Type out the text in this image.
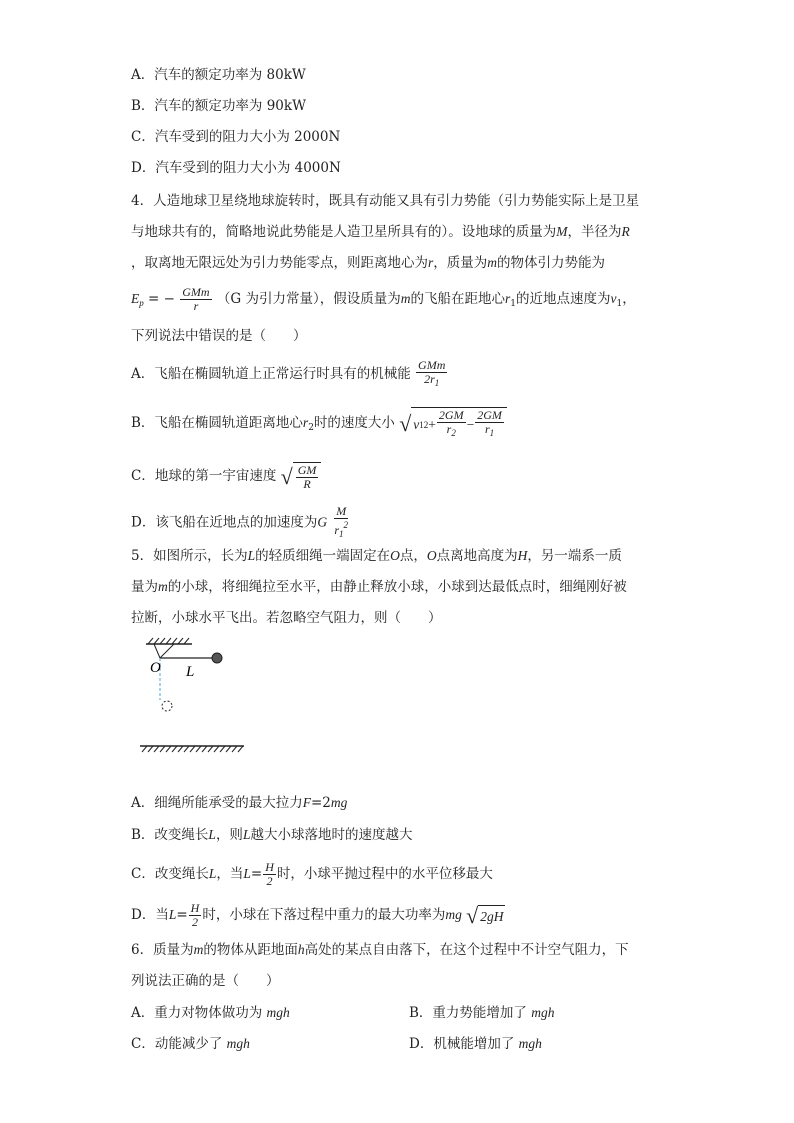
A．汽车的额定功率为 80kW
B．汽车的额定功率为 90kW
C．汽车受到的阻力大小为 2000N
D．汽车受到的阻力大小为 4000N
4．人造地球卫星绕地球旋转时，既具有动能又具有引力势能（引力势能实际上是卫星
与地球共有的，简略地说此势能是人造卫星所具有的）。设地球的质量为M，半径为R
，取离地无限远处为引力势能零点，则距离地心为r，质量为m的物体引力势能为
$E_p$ = − $\frac{\text{GMm}}{r} (G$ 为引力常量），假设质量为m的飞船在距地心$r_1$的近地点速度为$v_1$，
下列说法中错误的是（　　）
A．飞船在椭圆轨道上正常运行时具有的机械能 $\frac{\text{GMm}}{2r_1}$
B．飞船在椭圆轨道距离地心$r_2$时的速度大小 √ v 1 $2 + \frac{2GM}{r_2} - \frac{2GM}{r_1}$
C．地球的第一宇宙速度 √ $\frac{GM}{R}$
D．该飞船在近地点的加速度为G $\frac{M}{r_1^2}$
5．如图所示，长为L的轻质细绳一端固定在O点，O点离地高度为H，另一端系一质
量为m的小球，将细绳拉至水平，由静止释放小球，小球到达最低点时，细绳刚好被
拉断，小球水平飞出。若忽略空气阻力，则（　　）
O L
A．细绳所能承受的最大拉力F=2mg
B．改变绳长L，则L越大小球落地时的速度越大
C．改变绳长L，当$L= \frac{H}{2}$ 时，小球平抛过程中的水平位移最大
D．当$L= \frac{H}{2}$ 时，小球在下落过程中重力的最大功率为mg √ 2gH
6．质量为m的物体从距地面h高处的某点自由落下，在这个过程中不计空气阻力，下
列说法正确的是（　　）
A．重力对物体做功为 mgh	B．重力势能增加了 mgh
C．动能减少了 mgh	D．机械能增加了 mgh
